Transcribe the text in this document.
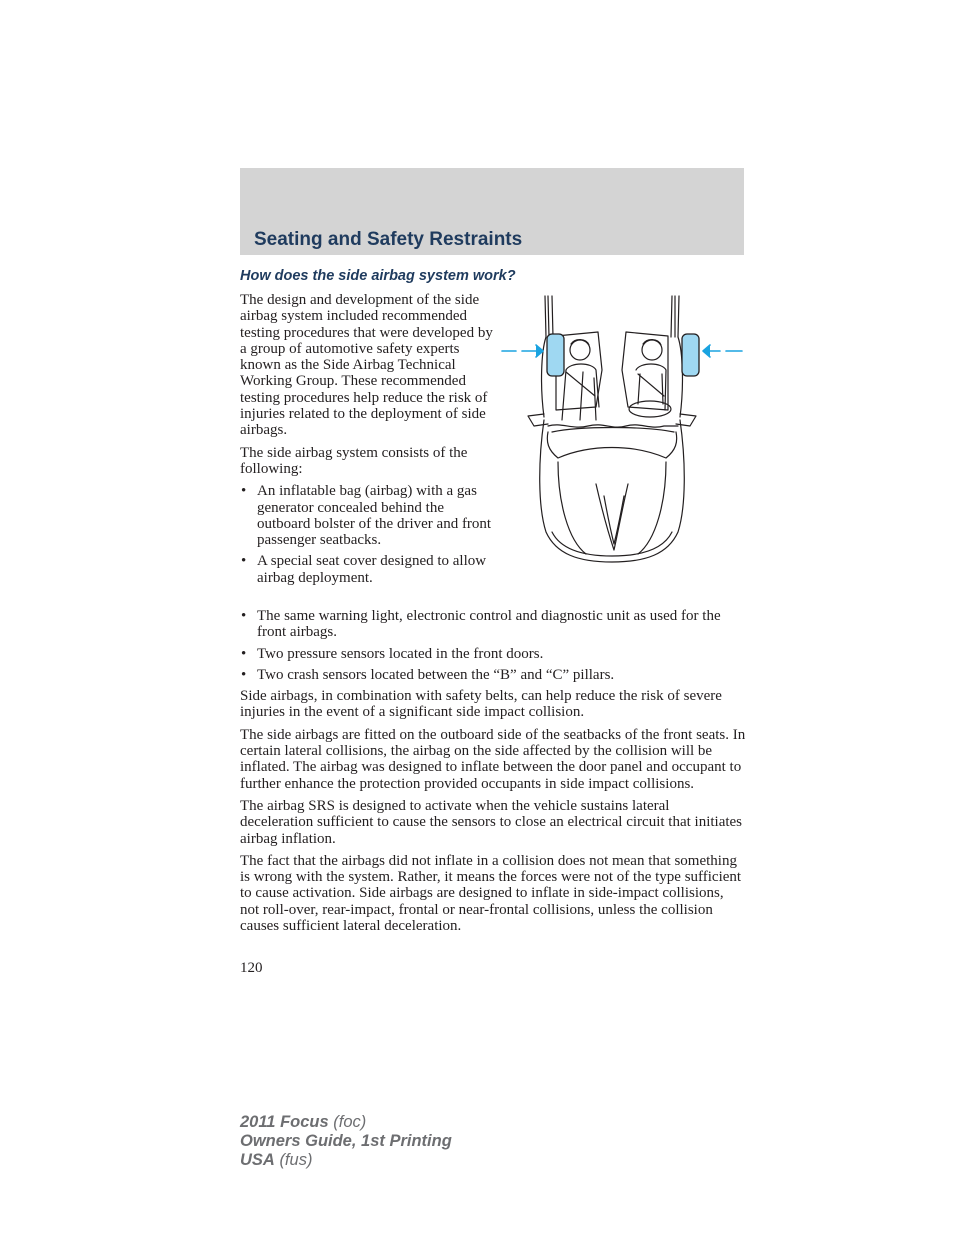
Seating and Safety Restraints
How does the side airbag system work?

The design and development of the side airbag system included recommended testing procedures that were developed by a group of automotive safety experts known as the Side Airbag Technical Working Group. These recommended testing procedures help reduce the risk of injuries related to the deployment of side airbags.

The side airbag system consists of the following:

• An inflatable bag (airbag) with a gas generator concealed behind the outboard bolster of the driver and front passenger seatbacks.
• A special seat cover designed to allow airbag deployment.
• The same warning light, electronic control and diagnostic unit as used for the front airbags.
• Two pressure sensors located in the front doors.
• Two crash sensors located between the “B” and “C” pillars.

Side airbags, in combination with safety belts, can help reduce the risk of severe injuries in the event of a significant side impact collision.

The side airbags are fitted on the outboard side of the seatbacks of the front seats. In certain lateral collisions, the airbag on the side affected by the collision will be inflated. The airbag was designed to inflate between the door panel and occupant to further enhance the protection provided occupants in side impact collisions.

The airbag SRS is designed to activate when the vehicle sustains lateral deceleration sufficient to cause the sensors to close an electrical circuit that initiates airbag inflation.

The fact that the airbags did not inflate in a collision does not mean that something is wrong with the system. Rather, it means the forces were not of the type sufficient to cause activation. Side airbags are designed to inflate in side-impact collisions, not roll-over, rear-impact, frontal or near-frontal collisions, unless the collision causes sufficient lateral deceleration.

120
2011 Focus (foc)
Owners Guide, 1st Printing
USA (fus)
